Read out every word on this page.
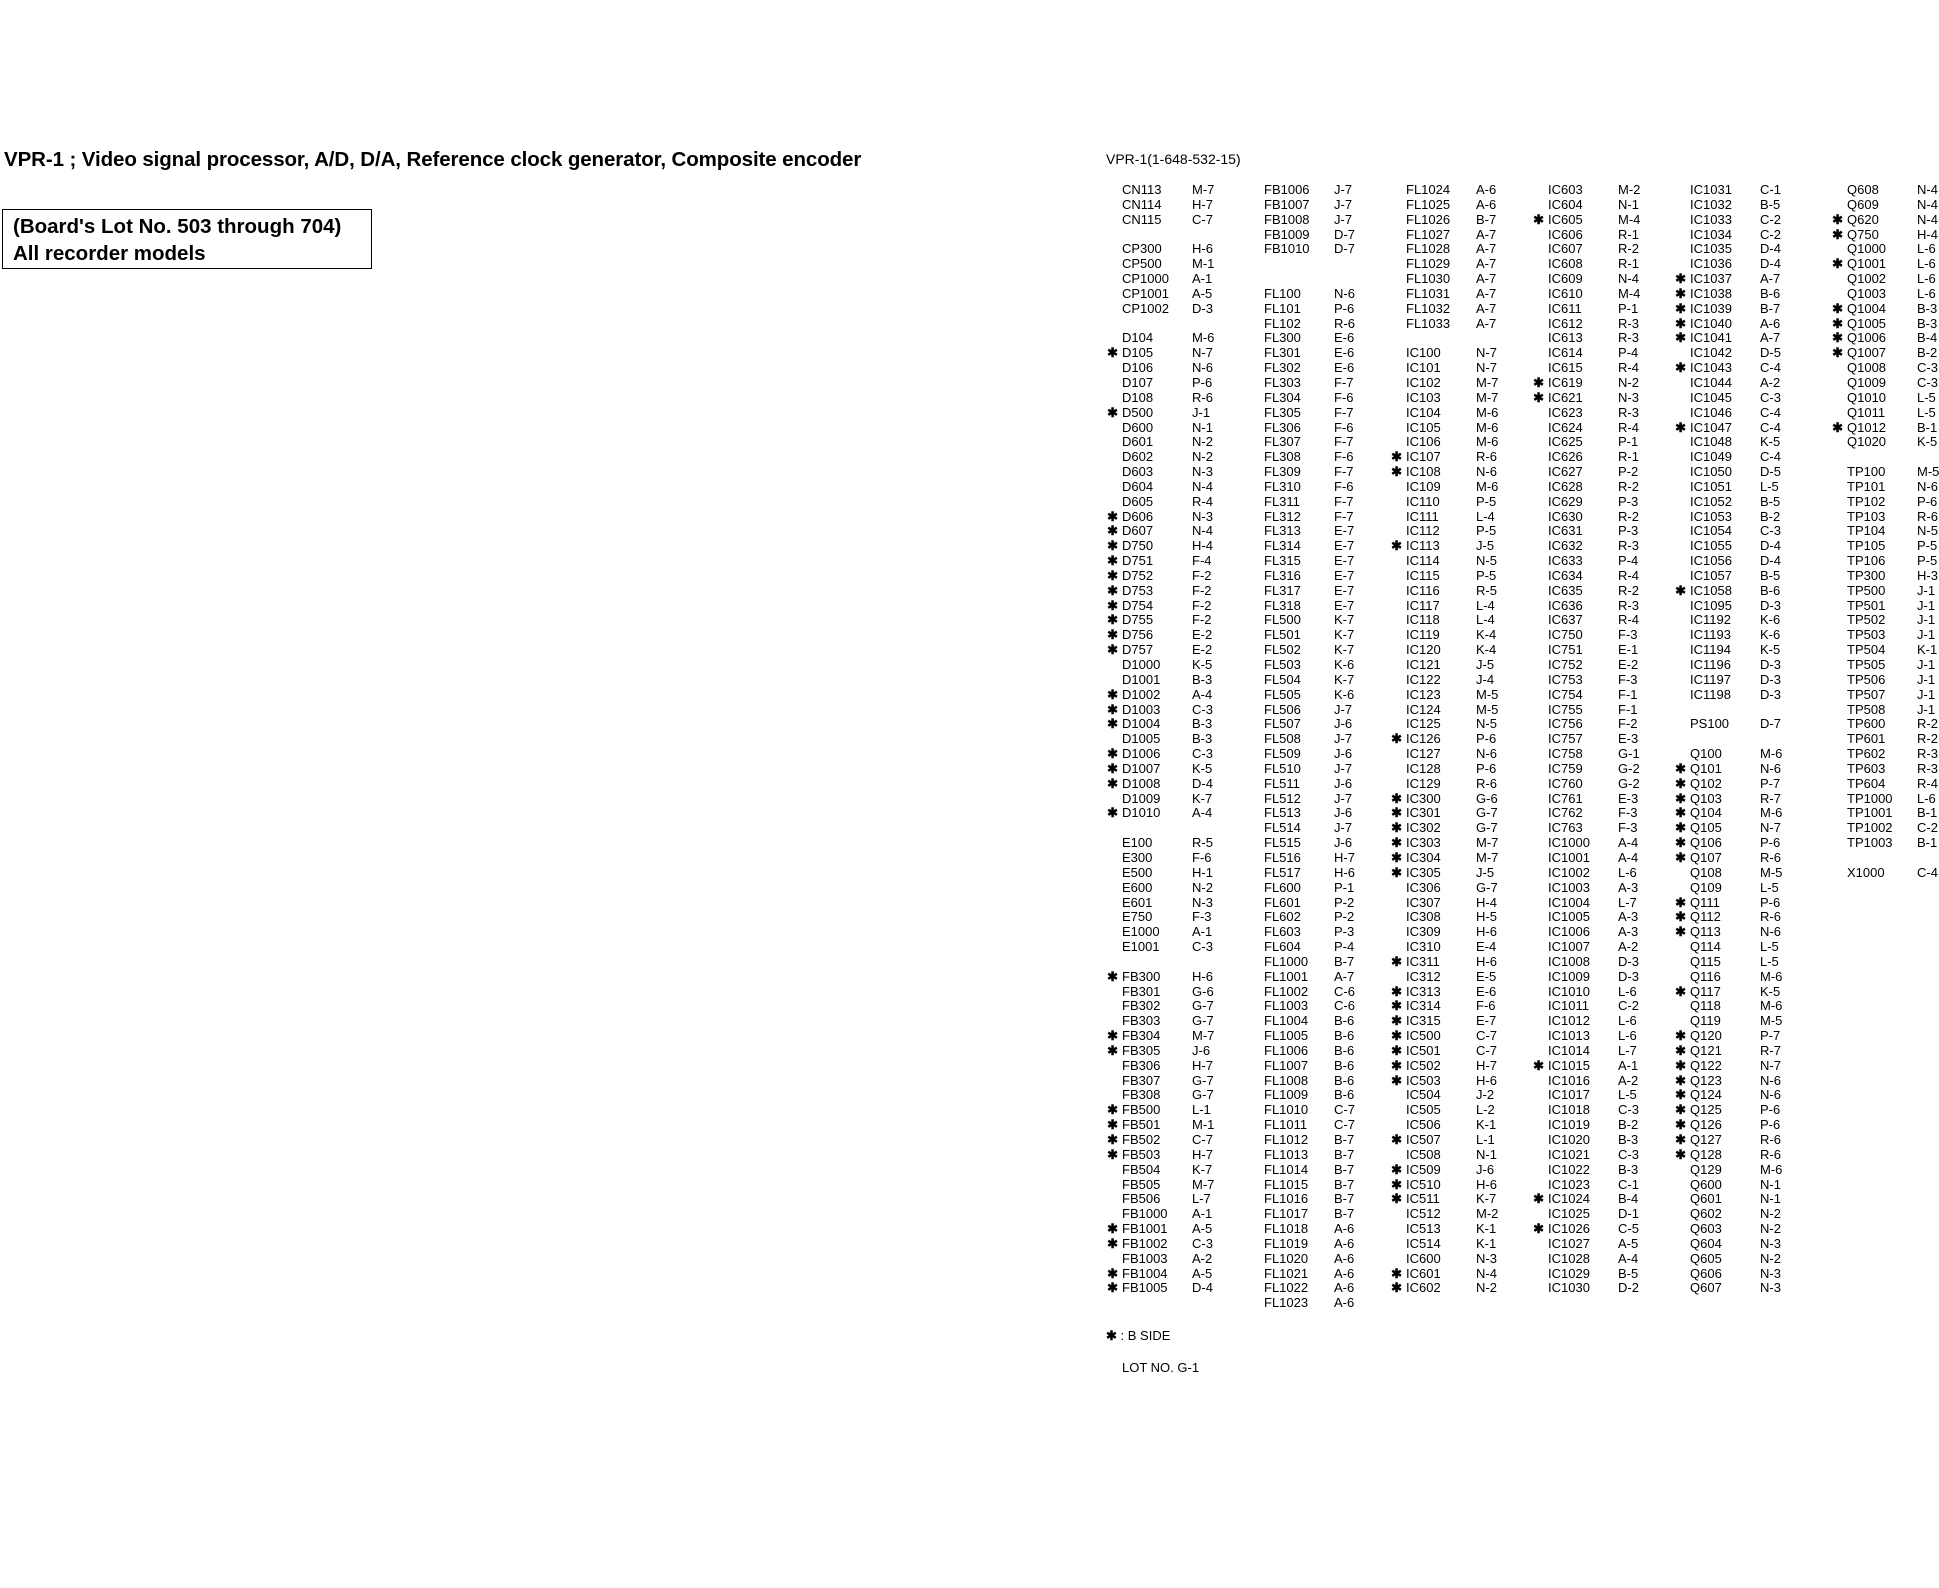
VPR-1 ; Video signal processor, A/D, D/A, Reference clock generator, Composite encoder
(Board's Lot No. 503 through 704)
All recorder models
VPR-1(1-648-532-15)
CN113 M-7
CN114 H-7
CN115 C-7
CP300 H-6
CP500 M-1
CP1000 A-1
CP1001 A-5
CP1002 D-3
D104	M-6
✱ D105	N-7
D106	N-6
D107	P-6
D108	R-6
✱ D500	J-1
D600	N-1
D601	N-2
D602	N-2
D603	N-3
D604	N-4
D605	R-4
✱ D606	N-3
✱ D607	N-4
✱ D750	H-4
✱ D751	F-4
✱ D752	F-2
✱ D753	F-2
✱ D754	F-2
✱ D755	F-2
✱ D756	E-2
✱ D757	E-2
D1000 K-5
D1001 B-3
✱ D1002 A-4
✱ D1003 C-3
✱ D1004 B-3
D1005 B-3
✱ D1006 C-3
✱ D1007 K-5
✱ D1008 D-4
D1009 K-7
✱ D1010 A-4
E100	R-5
E300	F-6
E500	H-1
E600	N-2
E601	N-3
E750	F-3
E1000 A-1
E1001 C-3
✱ FB300 H-6
FB301 G-6
FB302 G-7
FB303 G-7
✱ FB304 M-7
✱ FB305 J-6
FB306 H-7
FB307 G-7
FB308 G-7
✱ FB500 L-1
✱ FB501 M-1
✱ FB502 C-7
✱ FB503 H-7
FB504 K-7
FB505 M-7
FB506 L-7
FB1000 A-1
✱ FB1001 A-5
✱ FB1002 C-3
FB1003 A-2
✱ FB1004 A-5
✱ FB1005 D-4
FB1006 J-7
FB1007 J-7
FB1008 J-7
FB1009 D-7
FB1010 D-7
FL100	N-6
FL101	P-6
FL102	R-6
FL300	E-6
FL301	E-6
FL302	E-6
FL303	F-7
FL304	F-6
FL305	F-7
FL306	F-6
FL307	F-7
FL308	F-6
FL309	F-7
FL310	F-6
FL311	F-7
FL312	F-7
FL313	E-7
FL314	E-7
FL315	E-7
FL316	E-7
FL317	E-7
FL318	E-7
FL500	K-7
FL501	K-7
FL502	K-7
FL503	K-6
FL504	K-7
FL505	K-6
FL506	J-7
FL507	J-6
FL508	J-7
FL509	J-6
FL510	J-7
FL511	J-6
FL512	J-7
FL513	J-6
FL514	J-7
FL515	J-6
FL516	H-7
FL517	H-6
FL600	P-1
FL601	P-2
FL602	P-2
FL603	P-3
FL604	P-4
FL1000 B-7
FL1001 A-7
FL1002 C-6
FL1003 C-6
FL1004 B-6
FL1005 B-6
FL1006 B-6
FL1007 B-6
FL1008 B-6
FL1009 B-6
FL1010 C-7
FL1011 C-7
FL1012 B-7
FL1013 B-7
FL1014 B-7
FL1015 B-7
FL1016 B-7
FL1017 B-7
FL1018 A-6
FL1019 A-6
FL1020 A-6
FL1021 A-6
FL1022 A-6
FL1023 A-6
FL1024 A-6
FL1025 A-6
FL1026 B-7
FL1027 A-7
FL1028 A-7
FL1029 A-7
FL1030 A-7
FL1031 A-7
FL1032 A-7
FL1033 A-7
IC100	N-7
IC101	N-7
IC102	M-7
IC103	M-7
IC104	M-6
IC105	M-6
IC106	M-6
✱ IC107	R-6
✱ IC108	N-6
IC109	M-6
IC110	P-5
IC111	L-4
IC112	P-5
✱ IC113	J-5
IC114	N-5
IC115	P-5
IC116	R-5
IC117	L-4
IC118	L-4
IC119	K-4
IC120	K-4
IC121	J-5
IC122	J-4
IC123	M-5
IC124	M-5
IC125	N-5
✱ IC126	P-6
IC127	N-6
IC128	P-6
IC129	R-6
✱ IC300	G-6
✱ IC301	G-7
✱ IC302	G-7
✱ IC303	M-7
✱ IC304	M-7
✱ IC305	J-5
IC306	G-7
IC307	H-4
IC308	H-5
IC309	H-6
IC310	E-4
✱ IC311	H-6
IC312	E-5
✱ IC313	E-6
✱ IC314	F-6
✱ IC315	E-7
✱ IC500	C-7
✱ IC501	C-7
✱ IC502	H-7
✱ IC503	H-6
IC504	J-2
IC505	L-2
IC506	K-1
✱ IC507	L-1
IC508	N-1
✱ IC509	J-6
✱ IC510	H-6
✱ IC511	K-7
IC512	M-2
IC513	K-1
IC514	K-1
IC600	N-3
✱ IC601	N-4
✱ IC602	N-2
IC603	M-2
IC604	N-1
✱ IC605	M-4
IC606	R-1
IC607	R-2
IC608	R-1
IC609	N-4
IC610	M-4
IC611	P-1
IC612	R-3
IC613	R-3
IC614	P-4
IC615	R-4
✱ IC619	N-2
✱ IC621	N-3
IC623	R-3
IC624	R-4
IC625	P-1
IC626	R-1
IC627	P-2
IC628	R-2
IC629	P-3
IC630	R-2
IC631	P-3
IC632	R-3
IC633	P-4
IC634	R-4
IC635	R-2
IC636	R-3
IC637	R-4
IC750	F-3
IC751	E-1
IC752	E-2
IC753	F-3
IC754	F-1
IC755	F-1
IC756	F-2
IC757	E-3
IC758	G-1
IC759	G-2
IC760	G-2
IC761	E-3
IC762	F-3
IC763	F-3
IC1000 A-4
IC1001 A-4
IC1002 L-6
IC1003 A-3
IC1004 L-7
IC1005 A-3
IC1006 A-3
IC1007 A-2
IC1008 D-3
IC1009 D-3
IC1010 L-6
IC1011 C-2
IC1012 L-6
IC1013 L-6
IC1014 L-7
✱ IC1015 A-1
IC1016 A-2
IC1017 L-5
IC1018 C-3
IC1019 B-2
IC1020 B-3
IC1021 C-3
IC1022 B-3
IC1023 C-1
✱ IC1024 B-4
IC1025 D-1
✱ IC1026 C-5
IC1027 A-5
IC1028 A-4
IC1029 B-5
IC1030 D-2
IC1031 C-1
IC1032 B-5
IC1033 C-2
IC1034 C-2
IC1035 D-4
IC1036 D-4
✱ IC1037 A-7
✱ IC1038 B-6
✱ IC1039 B-7
✱ IC1040 A-6
✱ IC1041 A-7
IC1042 D-5
✱ IC1043 C-4
IC1044 A-2
IC1045 C-3
IC1046 C-4
✱ IC1047 C-4
IC1048 K-5
IC1049 C-4
IC1050 D-5
IC1051 L-5
IC1052 B-5
IC1053 B-2
IC1054 C-3
IC1055 D-4
IC1056 D-4
IC1057 B-5
✱ IC1058 B-6
IC1095 D-3
IC1192 K-6
IC1193 K-6
IC1194 K-5
IC1196 D-3
IC1197 D-3
IC1198 D-3
PS100 D-7
Q100	M-6
✱ Q101	N-6
✱ Q102	P-7
✱ Q103	R-7
✱ Q104	M-6
✱ Q105	N-7
✱ Q106	P-6
✱ Q107	R-6
Q108	M-5
Q109	L-5
✱ Q111	P-6
✱ Q112	R-6
✱ Q113	N-6
Q114	L-5
Q115	L-5
Q116	M-6
✱ Q117	K-5
Q118	M-6
Q119	M-5
✱ Q120	P-7
✱ Q121	R-7
✱ Q122	N-7
✱ Q123	N-6
✱ Q124	N-6
✱ Q125	P-6
✱ Q126	P-6
✱ Q127	R-6
✱ Q128	R-6
Q129	M-6
Q600	N-1
Q601	N-1
Q602	N-2
Q603	N-2
Q604	N-3
Q605	N-2
Q606	N-3
Q607	N-3
Q608	N-4
Q609	N-4
✱ Q620	N-4
✱ Q750	H-4
Q1000 L-6
✱ Q1001 L-6
Q1002 L-6
Q1003 L-6
✱ Q1004 B-3
✱ Q1005 B-3
✱ Q1006 B-4
✱ Q1007 B-2
Q1008 C-3
Q1009 C-3
Q1010 L-5
Q1011 L-5
✱ Q1012 B-1
Q1020 K-5
TP100 M-5
TP101 N-6
TP102 P-6
TP103 R-6
TP104 N-5
TP105 P-5
TP106 P-5
TP300 H-3
TP500 J-1
TP501 J-1
TP502 J-1
TP503 J-1
TP504 K-1
TP505 J-1
TP506 J-1
TP507 J-1
TP508 J-1
TP600 R-2
TP601 R-2
TP602 R-3
TP603 R-3
TP604 R-4
TP1000 L-6
TP1001 B-1
TP1002 C-2
TP1003 B-1
X1000 C-4
✱ : B SIDE
LOT NO. G-1
